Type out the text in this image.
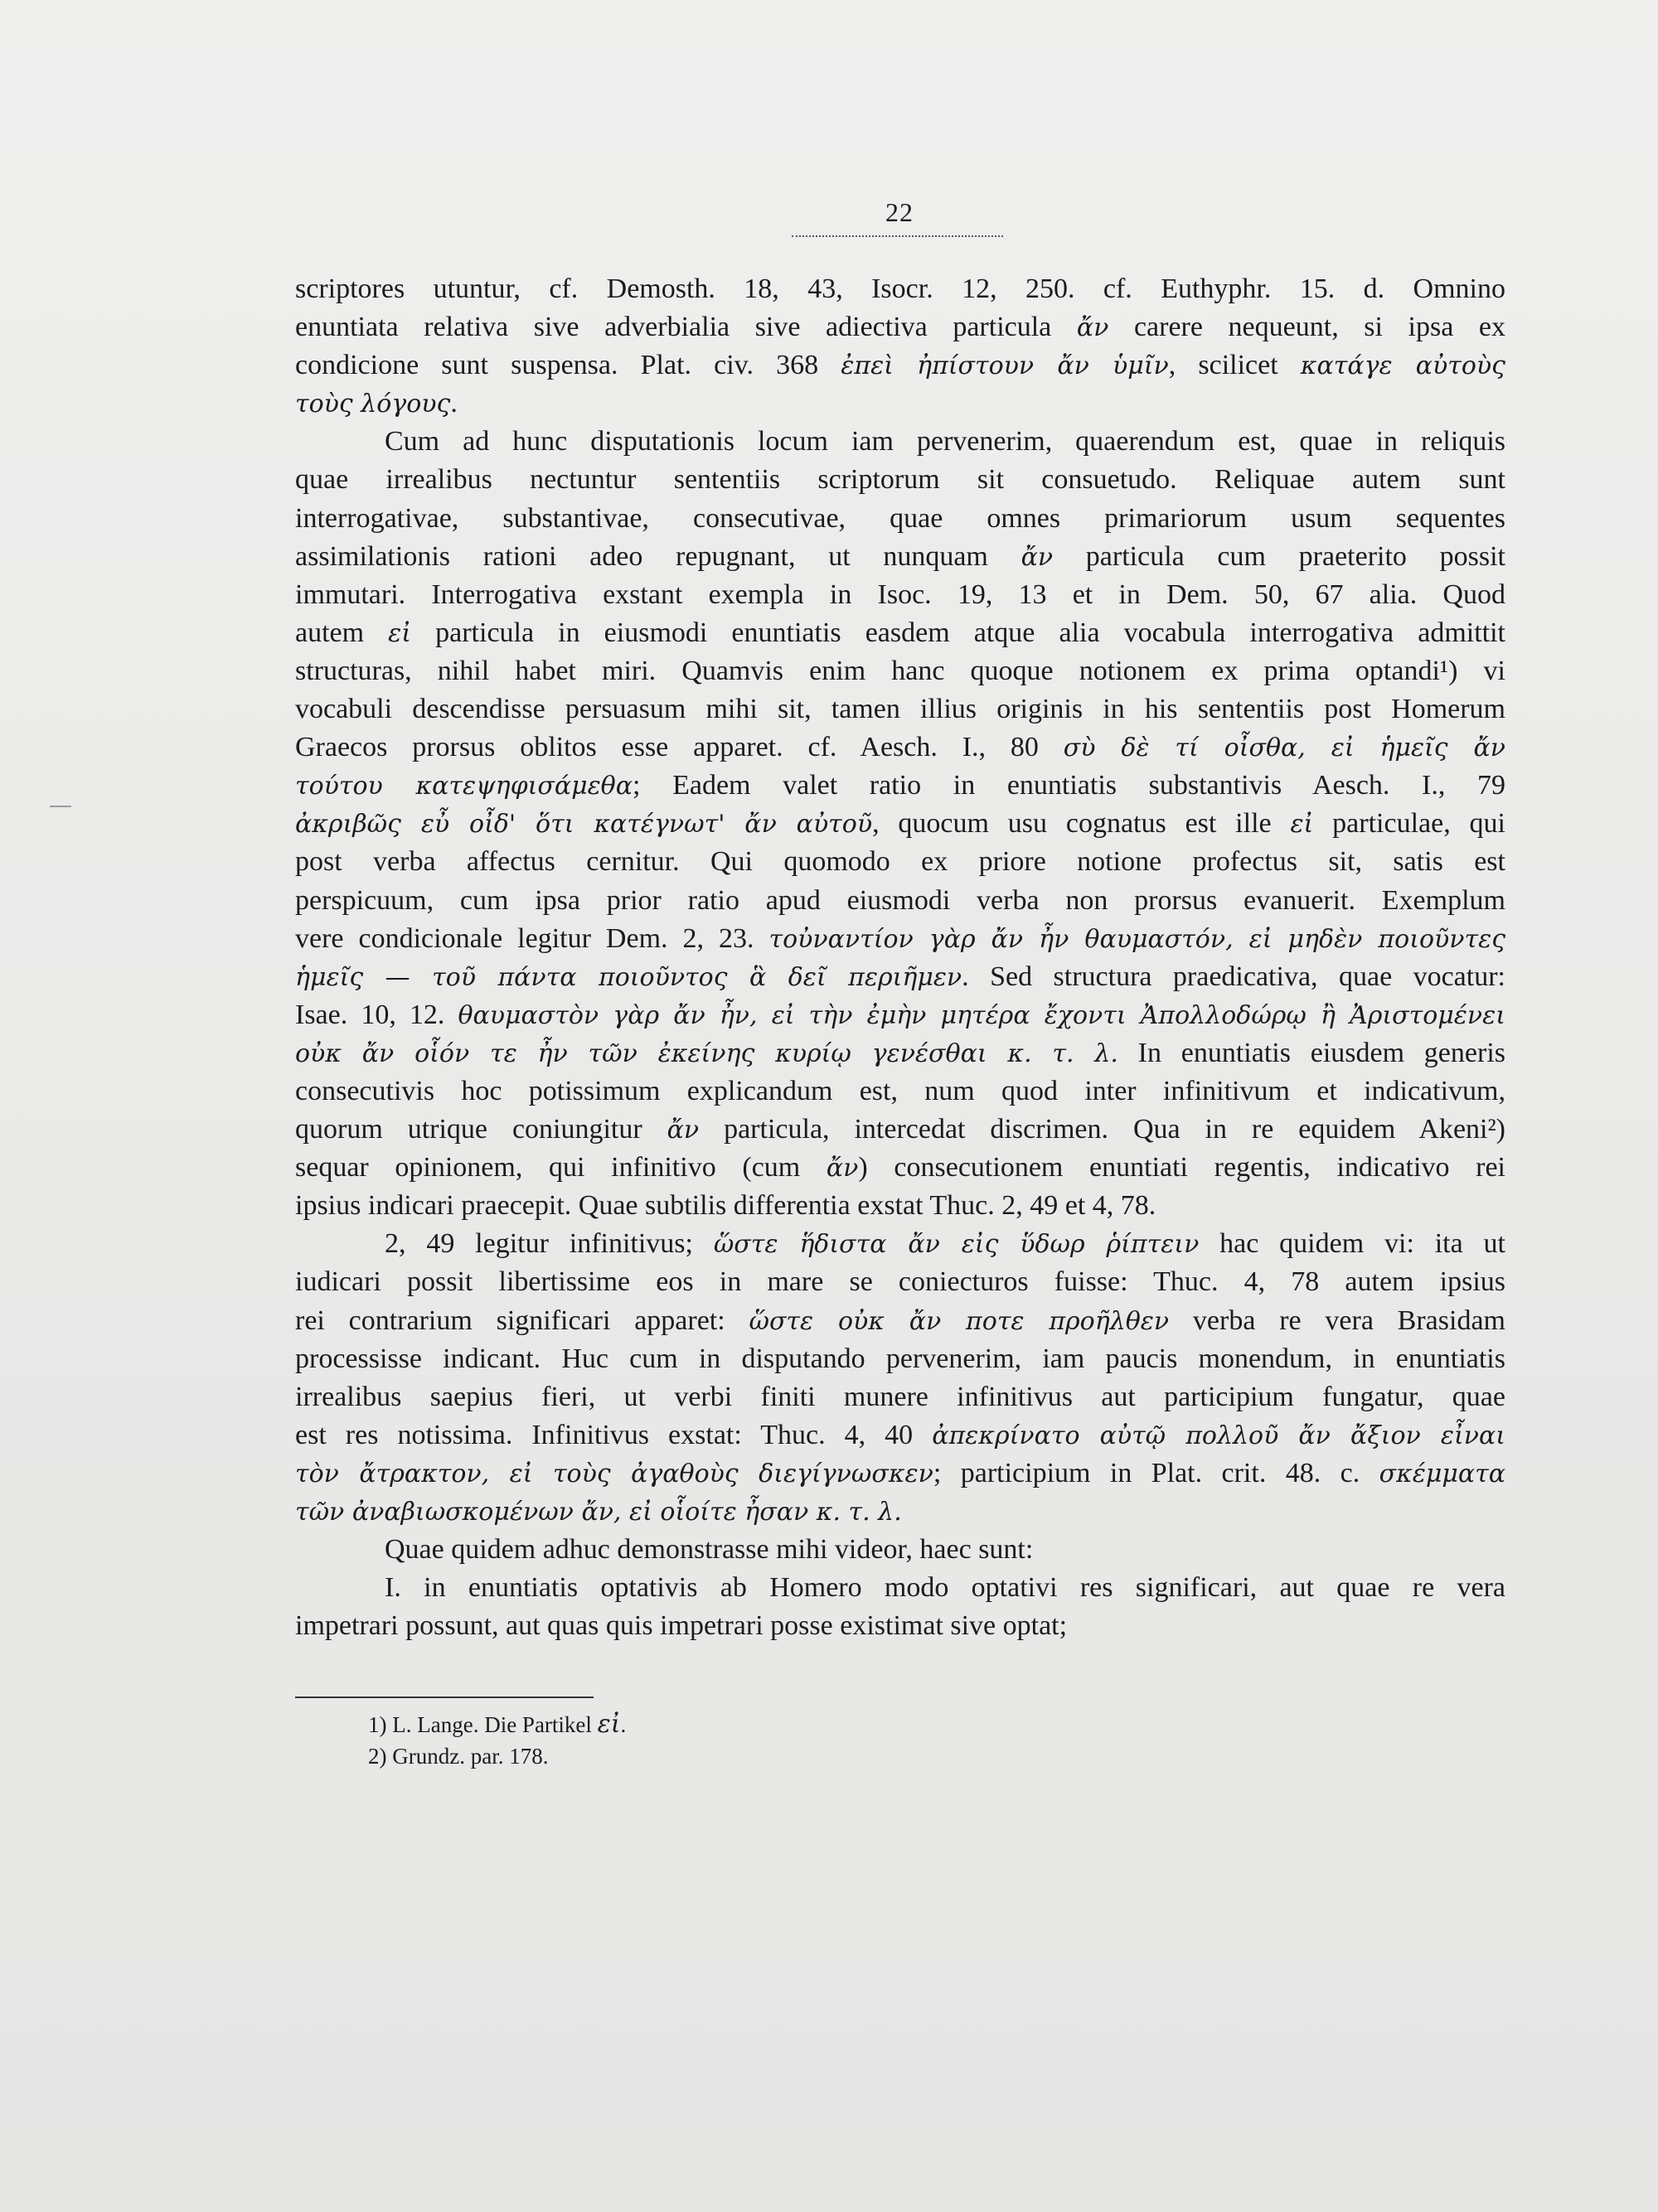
22
scriptores utuntur, cf. Demosth. 18, 43, Isocr. 12, 250. cf. Euthyphr. 15. d. Omnino
enuntiata relativa sive adverbialia sive adiectiva particula ἄν carere nequeunt, si ipsa ex
condicione sunt suspensa. Plat. civ. 368 ἐπεὶ ἠπίστουν ἄν ὑμῖν, scilicet κατάγε αὐτοὺς
τοὺς λόγους.
Cum ad hunc disputationis locum iam pervenerim, quaerendum est, quae in reliquis
quae irrealibus nectuntur sententiis scriptorum sit consuetudo. Reliquae autem sunt
interrogativae, substantivae, consecutivae, quae omnes primariorum usum sequentes
assimilationis rationi adeo repugnant, ut nunquam ἄν particula cum praeterito possit
immutari. Interrogativa exstant exempla in Isoc. 19, 13 et in Dem. 50, 67 alia. Quod
autem εἰ particula in eiusmodi enuntiatis easdem atque alia vocabula interrogativa admittit
structuras, nihil habet miri. Quamvis enim hanc quoque notionem ex prima optandi¹) vi
vocabuli descendisse persuasum mihi sit, tamen illius originis in his sententiis post Homerum
Graecos prorsus oblitos esse apparet. cf. Aesch. I., 80 σὺ δὲ τί οἶσθα, εἰ ἡμεῖς ἄν
τούτου κατεψηφισάμεθα; Eadem valet ratio in enuntiatis substantivis Aesch. I., 79
ἀκριβῶς εὖ οἶδ' ὅτι κατέγνωτ' ἄν αὐτοῦ, quocum usu cognatus est ille εἰ particulae, qui
post verba affectus cernitur. Qui quomodo ex priore notione profectus sit, satis est
perspicuum, cum ipsa prior ratio apud eiusmodi verba non prorsus evanuerit. Exemplum
vere condicionale legitur Dem. 2, 23. τοὐναντίον γὰρ ἄν ἦν θαυμαστόν, εἰ μηδὲν ποιοῦντες
ἡμεῖς — τοῦ πάντα ποιοῦντος ἃ δεῖ περιῆμεν. Sed structura praedicativa, quae vocatur:
Isae. 10, 12. θαυμαστὸν γὰρ ἄν ἦν, εἰ τὴν ἐμὴν μητέρα ἔχοντι Ἀπολλοδώρῳ ἢ Ἀριστομένει
οὐκ ἄν οἷόν τε ἦν τῶν ἐκείνης κυρίῳ γενέσθαι κ. τ. λ. In enuntiatis eiusdem generis
consecutivis hoc potissimum explicandum est, num quod inter infinitivum et indicativum,
quorum utrique coniungitur ἄν particula, intercedat discrimen. Qua in re equidem Akeni²)
sequar opinionem, qui infinitivo (cum ἄν) consecutionem enuntiati regentis, indicativo rei
ipsius indicari praecepit. Quae subtilis differentia exstat Thuc. 2, 49 et 4, 78.
2, 49 legitur infinitivus; ὥστε ἥδιστα ἄν εἰς ὕδωρ ῥίπτειν hac quidem vi: ita ut
iudicari possit libertissime eos in mare se coniecturos fuisse: Thuc. 4, 78 autem ipsius
rei contrarium significari apparet: ὥστε οὐκ ἄν ποτε προῆλθεν verba re vera Brasidam
processisse indicant. Huc cum in disputando pervenerim, iam paucis monendum, in enuntiatis
irrealibus saepius fieri, ut verbi finiti munere infinitivus aut participium fungatur, quae
est res notissima. Infinitivus exstat: Thuc. 4, 40 ἀπεκρίνατο αὐτῷ πολλοῦ ἄν ἄξιον εἶναι
τὸν ἄτρακτον, εἰ τοὺς ἀγαθοὺς διεγίγνωσκεν; participium in Plat. crit. 48. c. σκέμματα
τῶν ἀναβιωσκομένων ἄν, εἰ οἷοίτε ἦσαν κ. τ. λ.
Quae quidem adhuc demonstrasse mihi videor, haec sunt:
I. in enuntiatis optativis ab Homero modo optativi res significari, aut quae re vera
impetrari possunt, aut quas quis impetrari posse existimat sive optat;
1) L. Lange. Die Partikel εἰ.
2) Grundz. par. 178.
